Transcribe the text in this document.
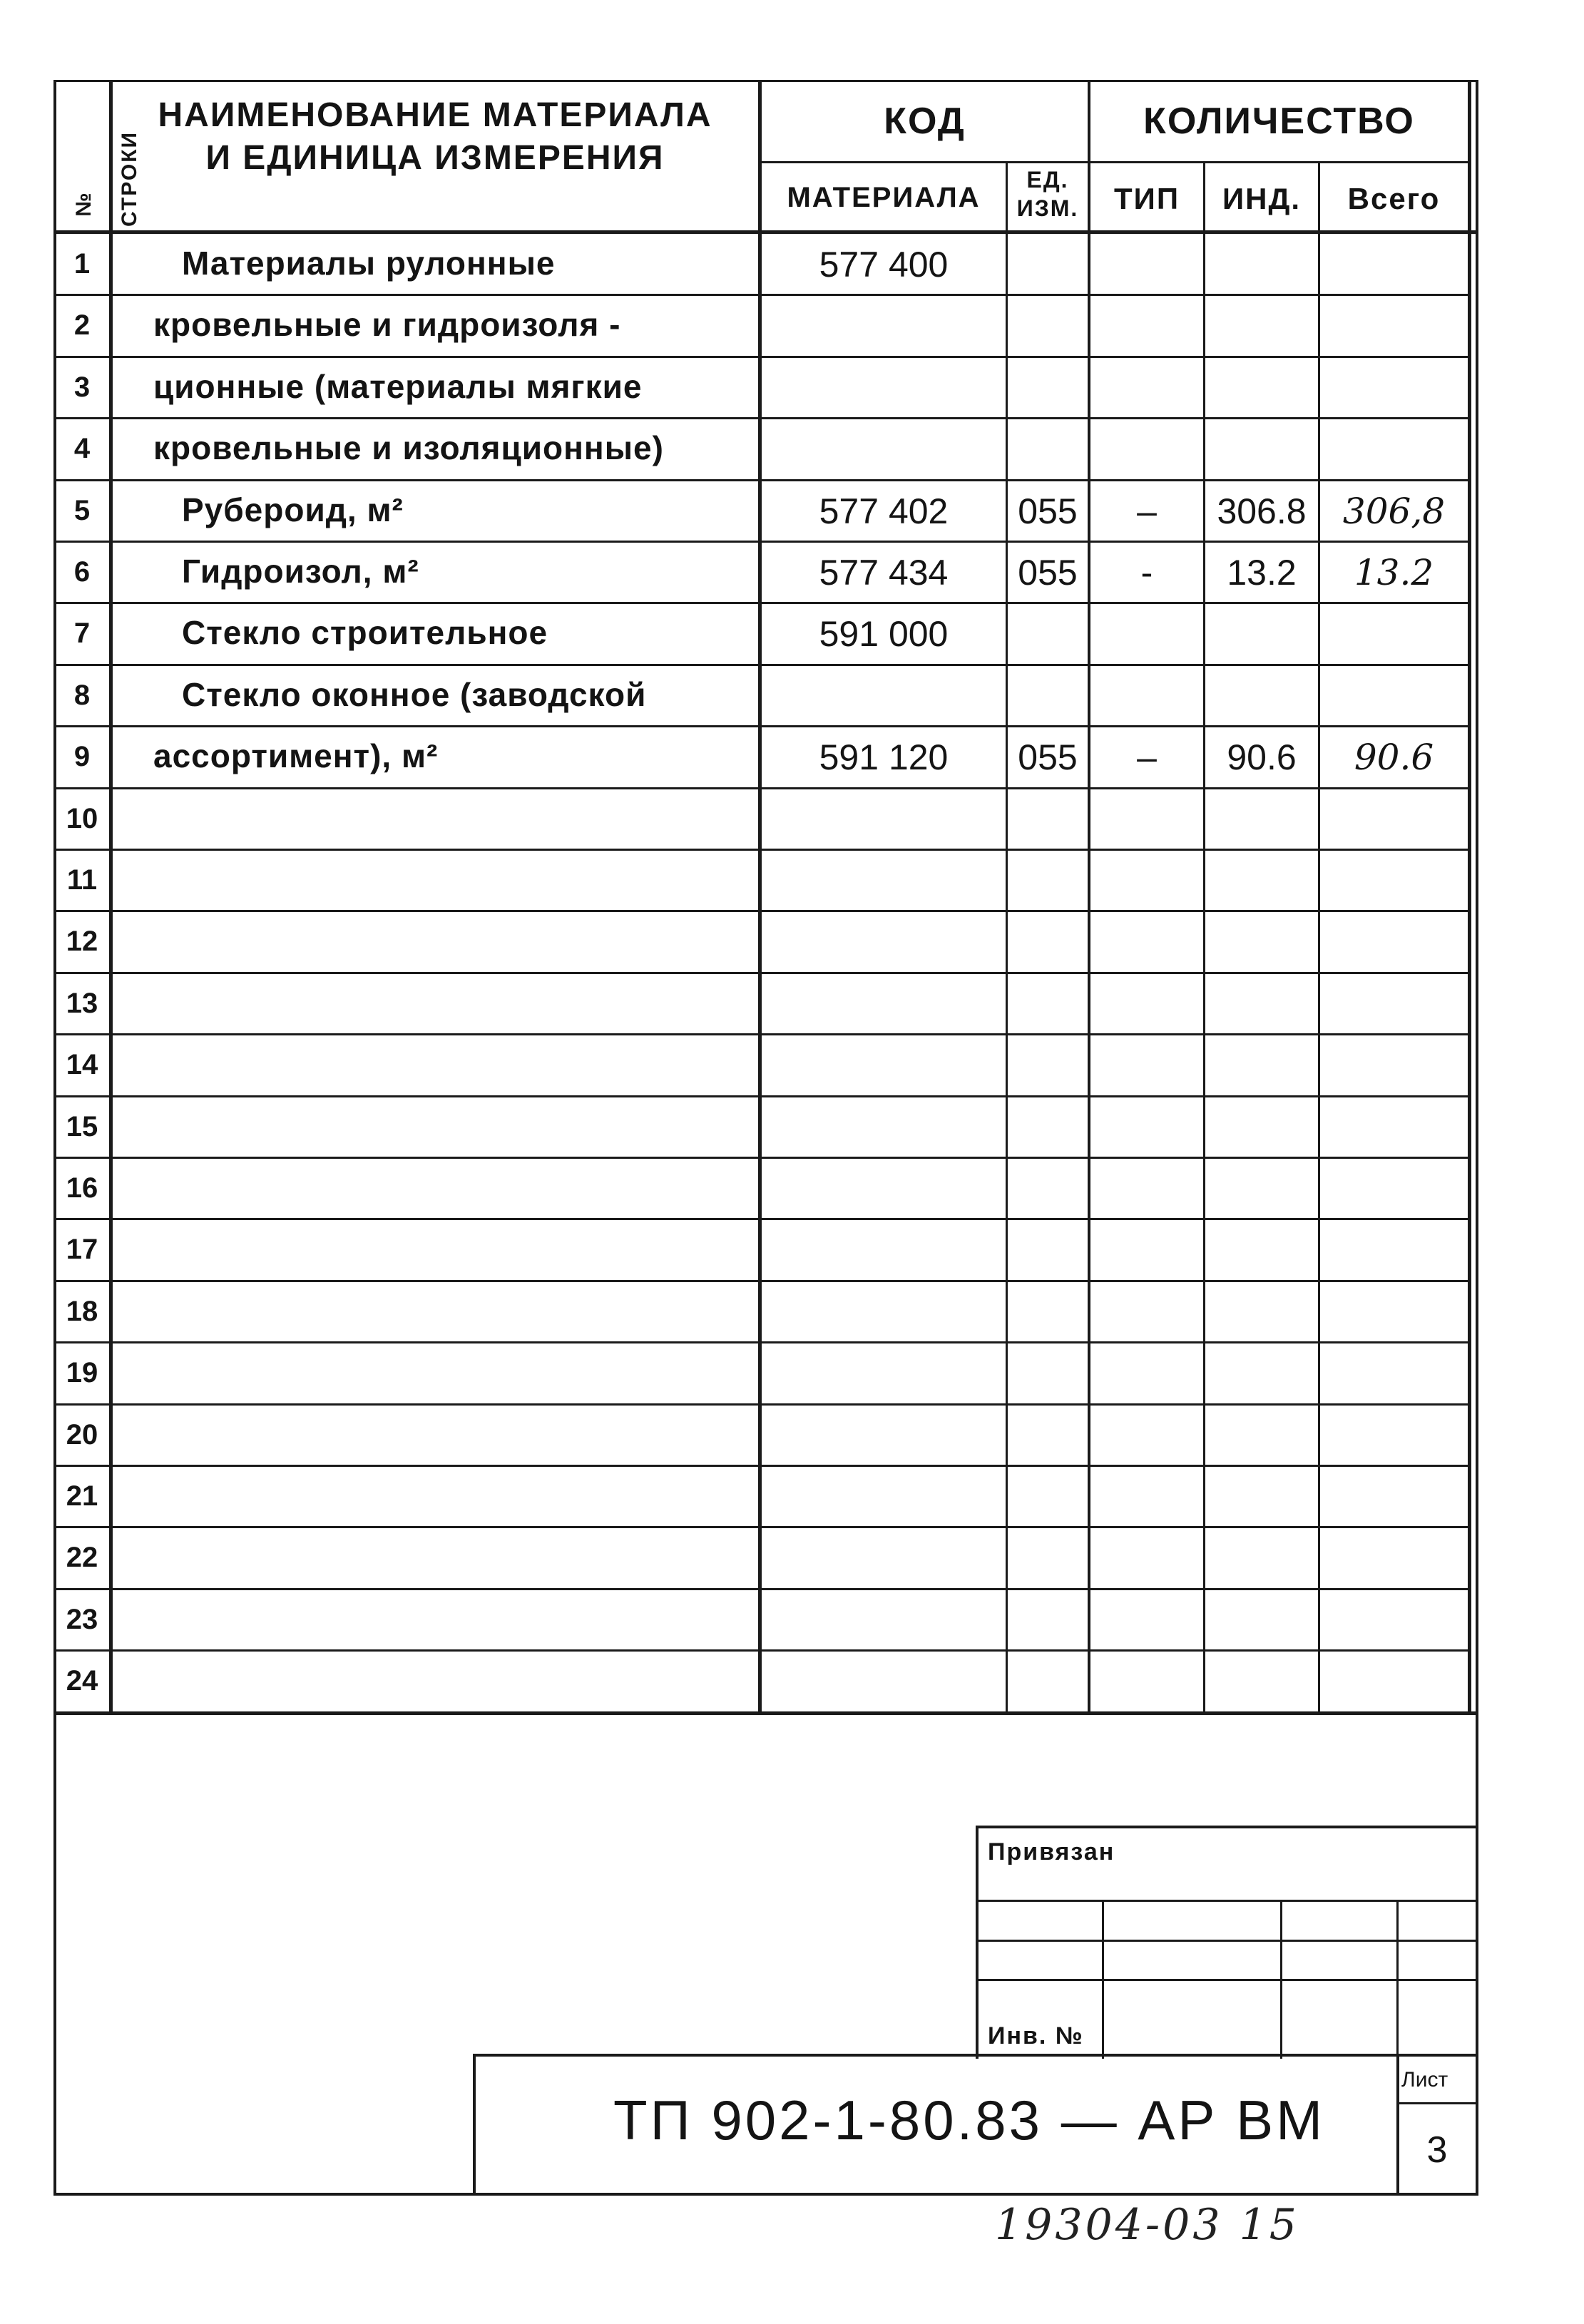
№ СТРОКИ
НАИМЕНОВАНИЕ МАТЕРИАЛА
И ЕДИНИЦА ИЗМЕРЕНИЯ
КОД
МАТЕРИАЛА
ЕД.
ИЗМ.
КОЛИЧЕСТВО
ТИП	ИНД.	Всего
1	Материалы рулонные	577 400
2	кровельные и гидроизоля -
3	ционные (материалы мягкие
4	кровельные и изоляционные)
5	Рубероид, м²	577 402	055	–	306.8	306,8
6	Гидроизол, м²	577 434	055	-	13.2	13.2
7	Стекло строительное	591 000
8	Стекло оконное (заводской
9	ассортимент), м²	591 120	055	–	90.6	90.6
10
11
12
13
14
15
16
17
18
19
20
21
22
23
24
Привязан
Инв. №
ТП 902-1-80.83 — АР ВМ
Лист
3
19304-03 15
